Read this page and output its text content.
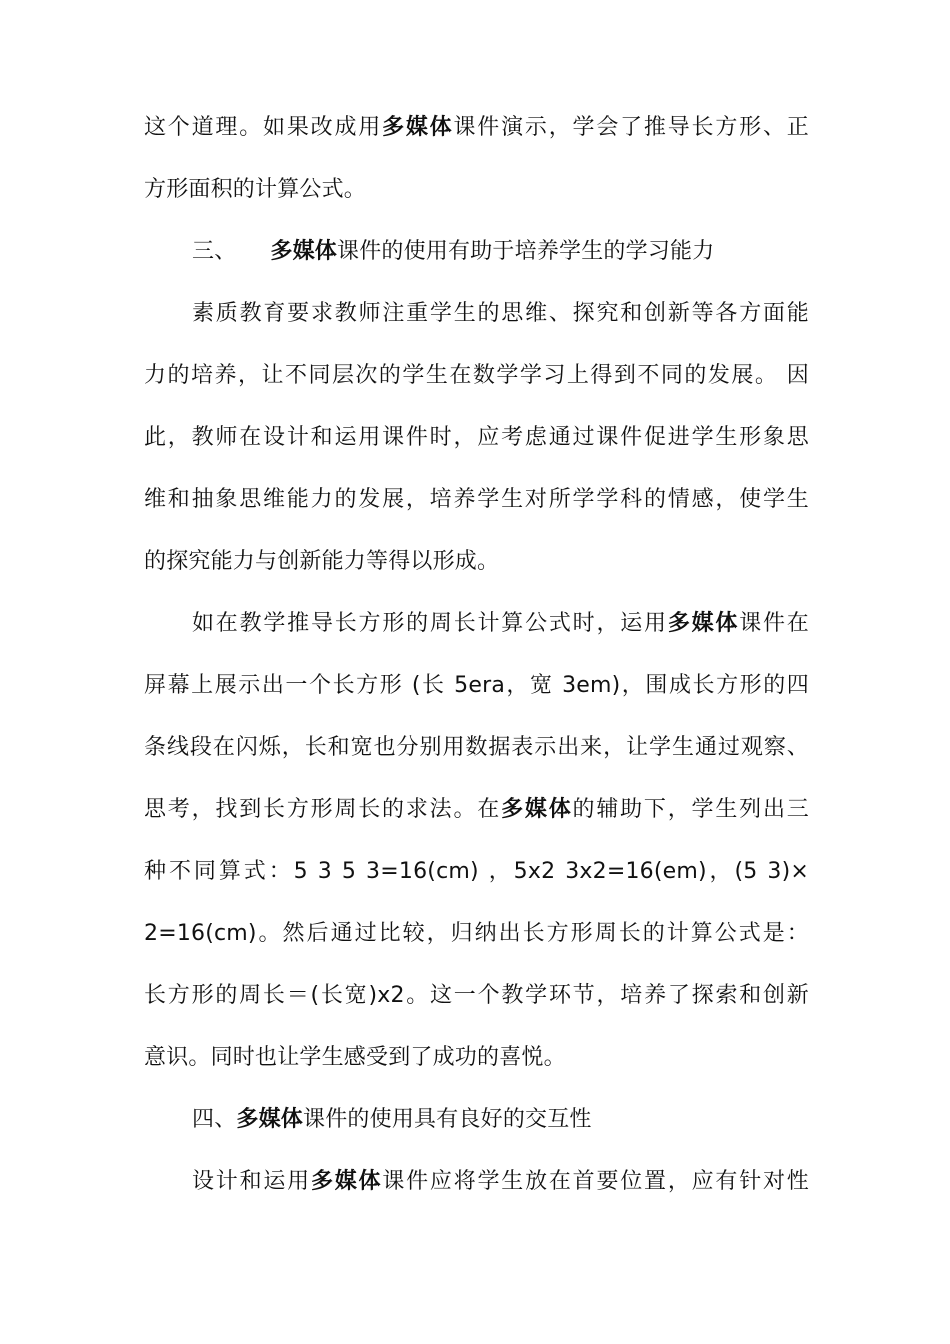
这个道理。如果改成用多媒体课件演示，学会了推导长方形、正
方形面积的计算公式。
三、 多媒体课件的使用有助于培养学生的学习能力
素质教育要求教师注重学生的思维、探究和创新等各方面能
力的培养，让不同层次的学生在数学学习上得到不同的发展。 因
此，教师在设计和运用课件时，应考虑通过课件促进学生形象思
维和抽象思维能力的发展，培养学生对所学学科的情感，使学生
的探究能力与创新能力等得以形成。
如在教学推导长方形的周长计算公式时，运用多媒体课件在
屏幕上展示出一个长方形 (长 5era，宽 3em)，围成长方形的四
条线段在闪烁，长和宽也分别用数据表示出来，让学生通过观察、
思考，找到长方形周长的求法。在多媒体的辅助下，学生列出三
种不同算式：5 3 5 3=16(cm) ，5x2 3x2=16(em)，(5 3)×
2=16(cm)。然后通过比较，归纳出长方形周长的计算公式是：
长方形的周长＝(长宽)x2。这一个教学环节，培养了探索和创新
意识。同时也让学生感受到了成功的喜悦。
四、多媒体课件的使用具有良好的交互性
设计和运用多媒体课件应将学生放在首要位置，应有针对性
